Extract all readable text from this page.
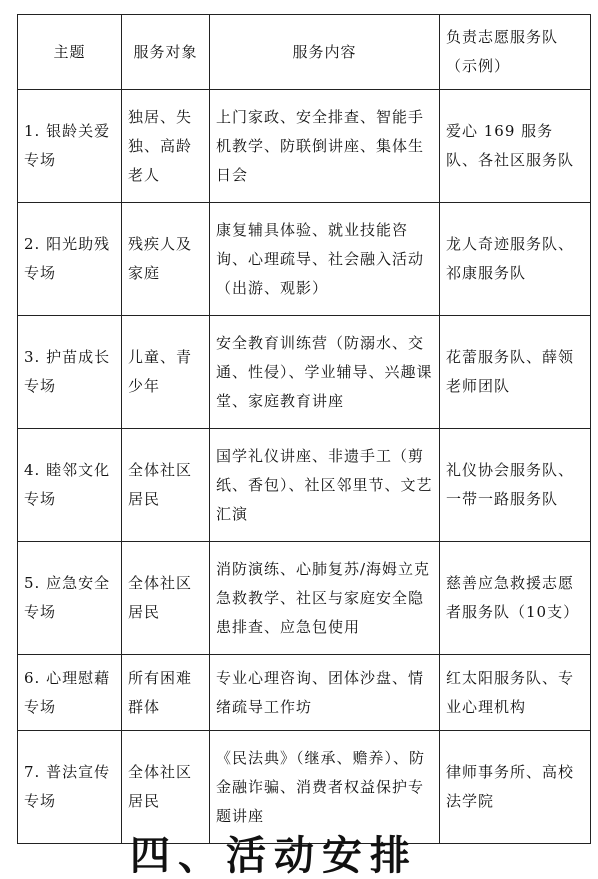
主题	服务对象	服务内容	负责志愿服务队（示例）
1. 银龄关爱专场	独居、失独、高龄老人	上门家政、安全排查、智能手机教学、防联倒讲座、集体生日会	爱心 169 服务队、各社区服务队
2. 阳光助残专场	残疾人及家庭	康复辅具体验、就业技能咨询、心理疏导、社会融入活动（出游、观影）	龙人奇迹服务队、祁康服务队
3. 护苗成长专场	儿童、青少年	安全教育训练营（防溺水、交通、性侵）、学业辅导、兴趣课堂、家庭教育讲座	花蕾服务队、薛领老师团队
4. 睦邻文化专场	全体社区居民	国学礼仪讲座、非遗手工（剪纸、香包）、社区邻里节、文艺汇演	礼仪协会服务队、一带一路服务队
5. 应急安全专场	全体社区居民	消防演练、心肺复苏/海姆立克急救教学、社区与家庭安全隐患排查、应急包使用	慈善应急救援志愿者服务队（10支）
6. 心理慰藉专场	所有困难群体	专业心理咨询、团体沙盘、情绪疏导工作坊	红太阳服务队、专业心理机构
7. 普法宣传专场	全体社区居民	《民法典》（继承、赡养）、防金融诈骗、消费者权益保护专题讲座	律师事务所、高校法学院
四、活动安排
